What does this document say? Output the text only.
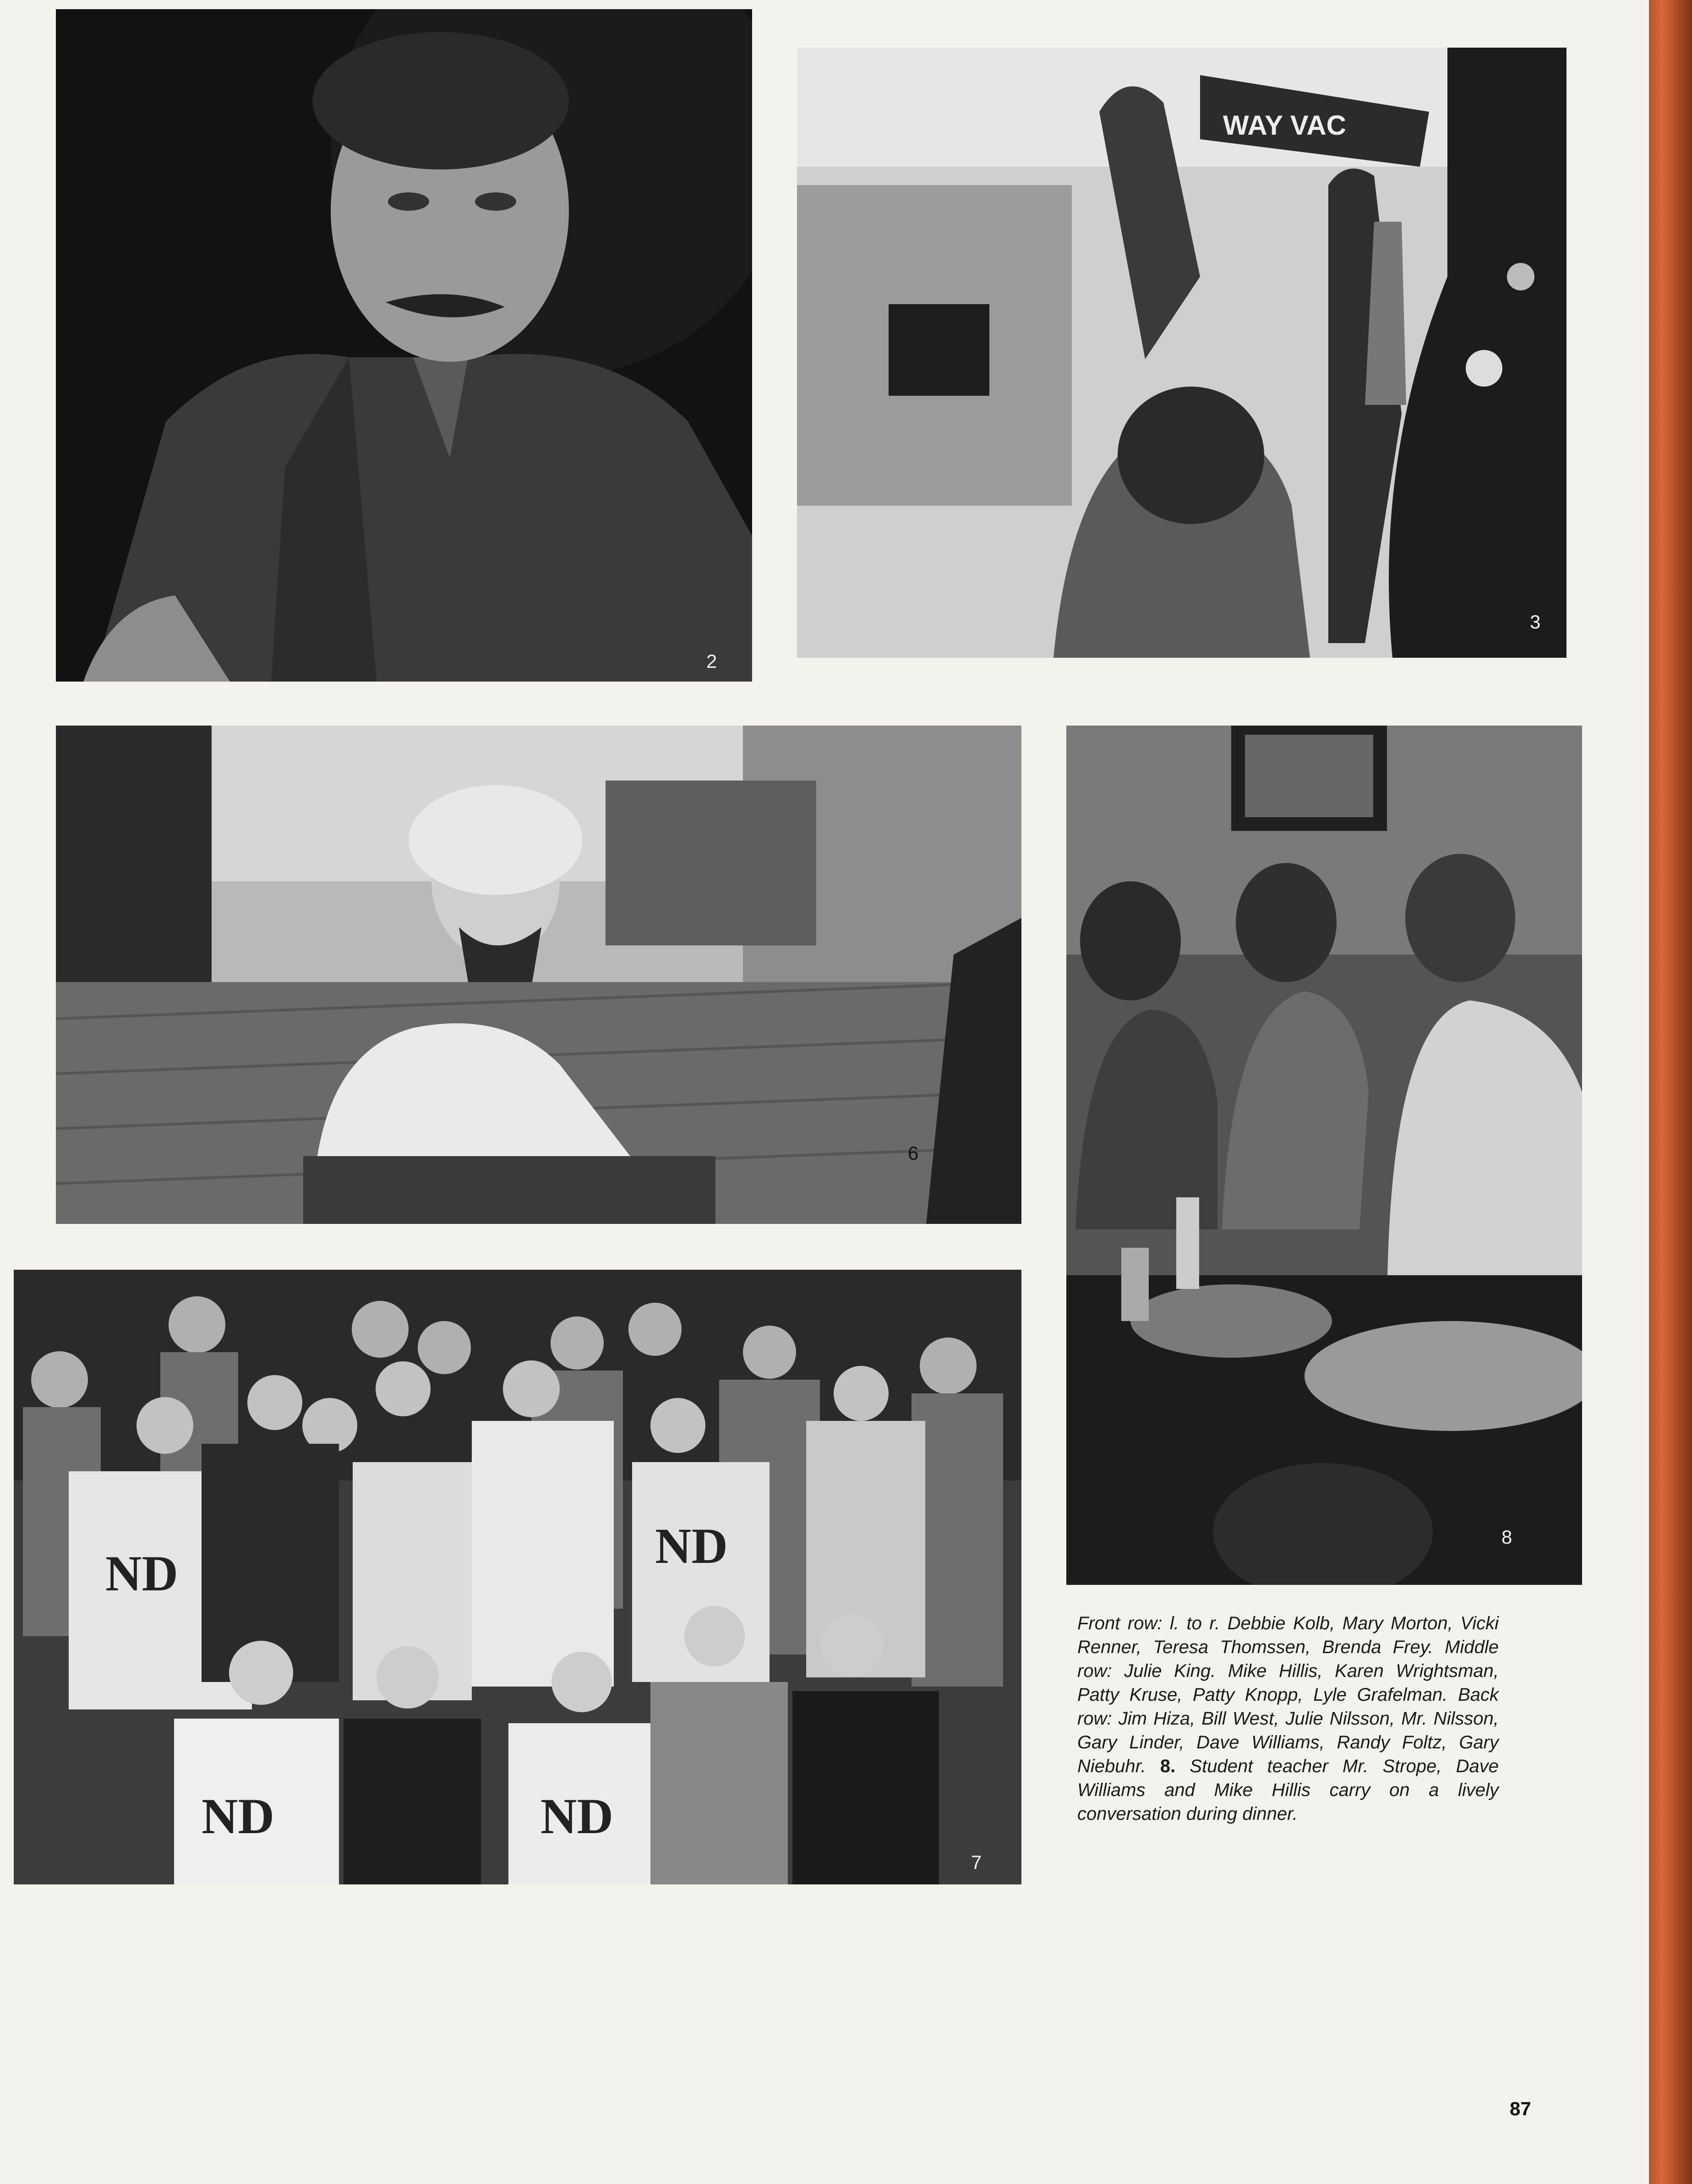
2
WAY VAC
3
6
8
ND	ND
ND
ND
7

Front row: l. to r. Debbie Kolb, Mary Morton, Vicki Renner, Teresa Thomssen, Brenda Frey. Middle row: Julie King. Mike Hillis, Karen Wrightsman, Patty Kruse, Patty Knopp, Lyle Grafelman. Back row: Jim Hiza, Bill West, Julie Nilsson, Mr. Nilsson, Gary Linder, Dave Williams, Randy Foltz, Gary Niebuhr. 8. Student teacher Mr. Strope, Dave Williams and Mike Hillis carry on a lively conversation during dinner.

87
